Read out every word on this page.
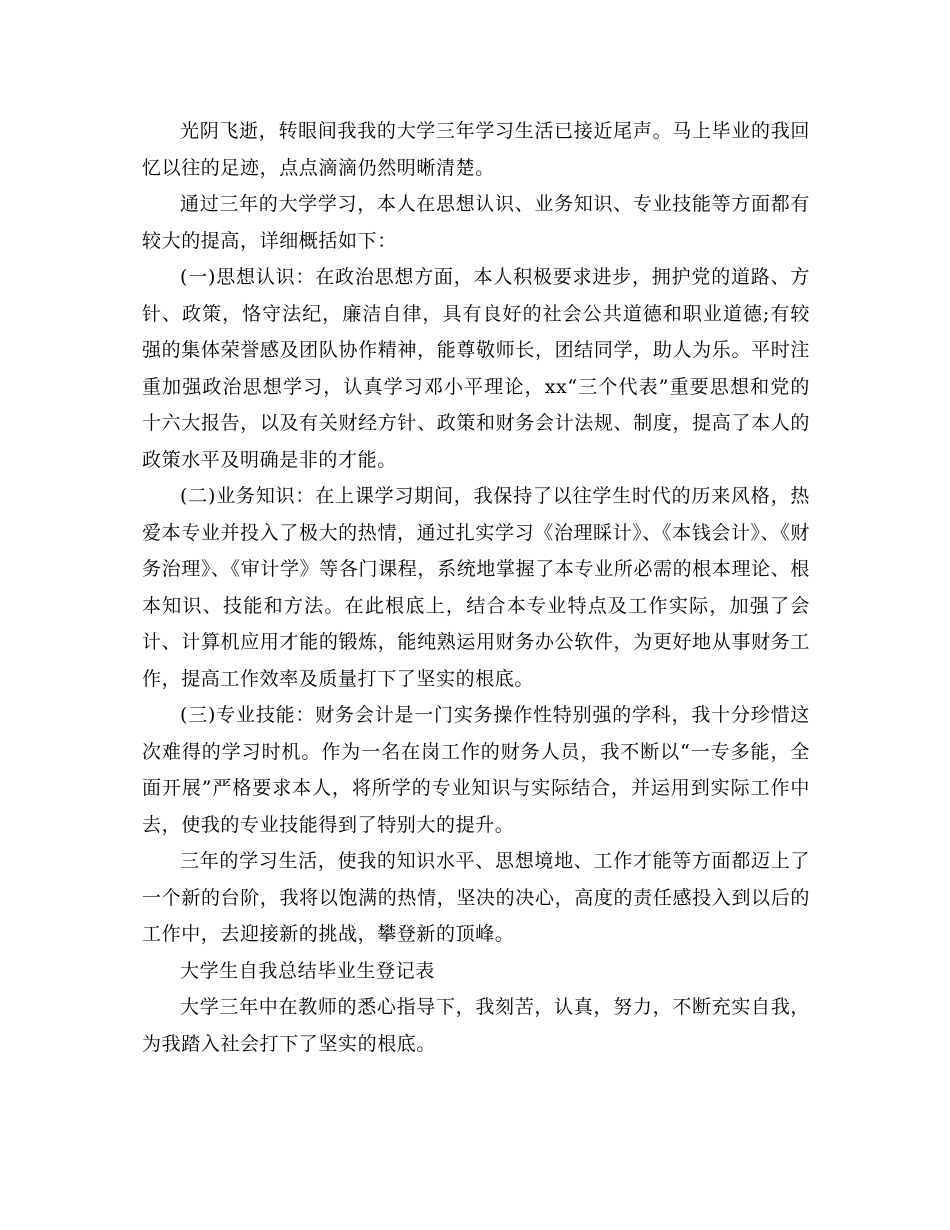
光阴飞逝，转眼间我我的大学三年学习生活已接近尾声。马上毕业的我回忆以往的足迹，点点滴滴仍然明晰清楚。

通过三年的大学学习，本人在思想认识、业务知识、专业技能等方面都有较大的提高，详细概括如下：

(一)思想认识：在政治思想方面，本人积极要求进步，拥护党的道路、方针、政策，恪守法纪，廉洁自律，具有良好的社会公共道德和职业道德;有较强的集体荣誉感及团队协作精神，能尊敬师长，团结同学，助人为乐。平时注重加强政治思想学习，认真学习邓小平理论，xx“三个代表”重要思想和党的十六大报告，以及有关财经方针、政策和财务会计法规、制度，提高了本人的政策水平及明确是非的才能。

(二)业务知识：在上课学习期间，我保持了以往学生时代的历来风格，热爱本专业并投入了极大的热情，通过扎实学习《治理睬计》、《本钱会计》、《财务治理》、《审计学》等各门课程，系统地掌握了本专业所必需的根本理论、根本知识、技能和方法。在此根底上，结合本专业特点及工作实际，加强了会计、计算机应用才能的锻炼，能纯熟运用财务办公软件，为更好地从事财务工作，提高工作效率及质量打下了坚实的根底。

(三)专业技能：财务会计是一门实务操作性特别强的学科，我十分珍惜这次难得的学习时机。作为一名在岗工作的财务人员，我不断以“一专多能，全面开展”严格要求本人，将所学的专业知识与实际结合，并运用到实际工作中去，使我的专业技能得到了特别大的提升。

三年的学习生活，使我的知识水平、思想境地、工作才能等方面都迈上了一个新的台阶，我将以饱满的热情，坚决的决心，高度的责任感投入到以后的工作中，去迎接新的挑战，攀登新的顶峰。

大学生自我总结毕业生登记表

大学三年中在教师的悉心指导下，我刻苦，认真，努力，不断充实自我，为我踏入社会打下了坚实的根底。
